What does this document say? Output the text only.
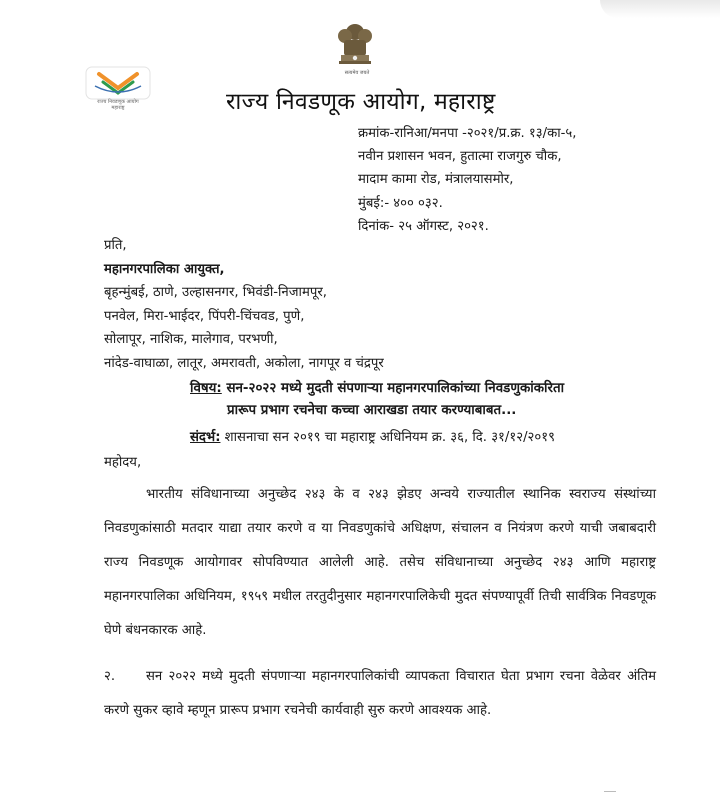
सत्यमेव जयते
राज्य निवडणूक आयोग
महाराष्ट्र	राज्य निवडणूक आयोग, महाराष्ट्र
क्रमांक-रानिआ/मनपा -२०२१/प्र.क्र. १३/का-५,
नवीन प्रशासन भवन, हुतात्मा राजगुरु चौक,
मादाम कामा रोड, मंत्रालयासमोर,
मुंबई:- ४०० ०३२.
दिनांक- २५ ऑगस्ट, २०२१.
प्रति,
महानगरपालिका आयुक्त,
बृहन्मुंबई, ठाणे, उल्हासनगर, भिवंडी-निजामपूर,
पनवेल, मिरा-भाईदर, पिंपरी-चिंचवड, पुणे,
सोलापूर, नाशिक, मालेगाव, परभणी,
नांदेड-वाघाळा, लातूर, अमरावती, अकोला, नागपूर व चंद्रपूर
विषय: सन-२०२२ मध्ये मुदती संपणाऱ्या महानगरपालिकांच्या निवडणुकांकरिता
प्रारूप प्रभाग रचनेचा कच्चा आराखडा तयार करण्याबाबत...
संदर्भ: शासनाचा सन २०१९ चा महाराष्ट्र अधिनियम क्र. ३६, दि. ३१/१२/२०१९
महोदय,
भारतीय संविधानाच्या अनुच्छेद २४३ के व २४३ झेडए अन्वये राज्यातील स्थानिक स्वराज्य संस्थांच्या निवडणुकांसाठी मतदार याद्या तयार करणे व या निवडणुकांचे अधिक्षण, संचालन व नियंत्रण करणे याची जबाबदारी राज्य निवडणूक आयोगावर सोपविण्यात आलेली आहे. तसेच संविधानाच्या अनुच्छेद २४३ आणि महाराष्ट्र महानगरपालिका अधिनियम, १९५९ मधील तरतुदीनुसार महानगरपालिकेची मुदत संपण्यापूर्वी तिची सार्वत्रिक निवडणूक घेणे बंधनकारक आहे.
२. सन २०२२ मध्ये मुदती संपणाऱ्या महानगरपालिकांची व्यापकता विचारात घेता प्रभाग रचना वेळेवर अंतिम करणे सुकर व्हावे म्हणून प्रारूप प्रभाग रचनेची कार्यवाही सुरु करणे आवश्यक आहे.
